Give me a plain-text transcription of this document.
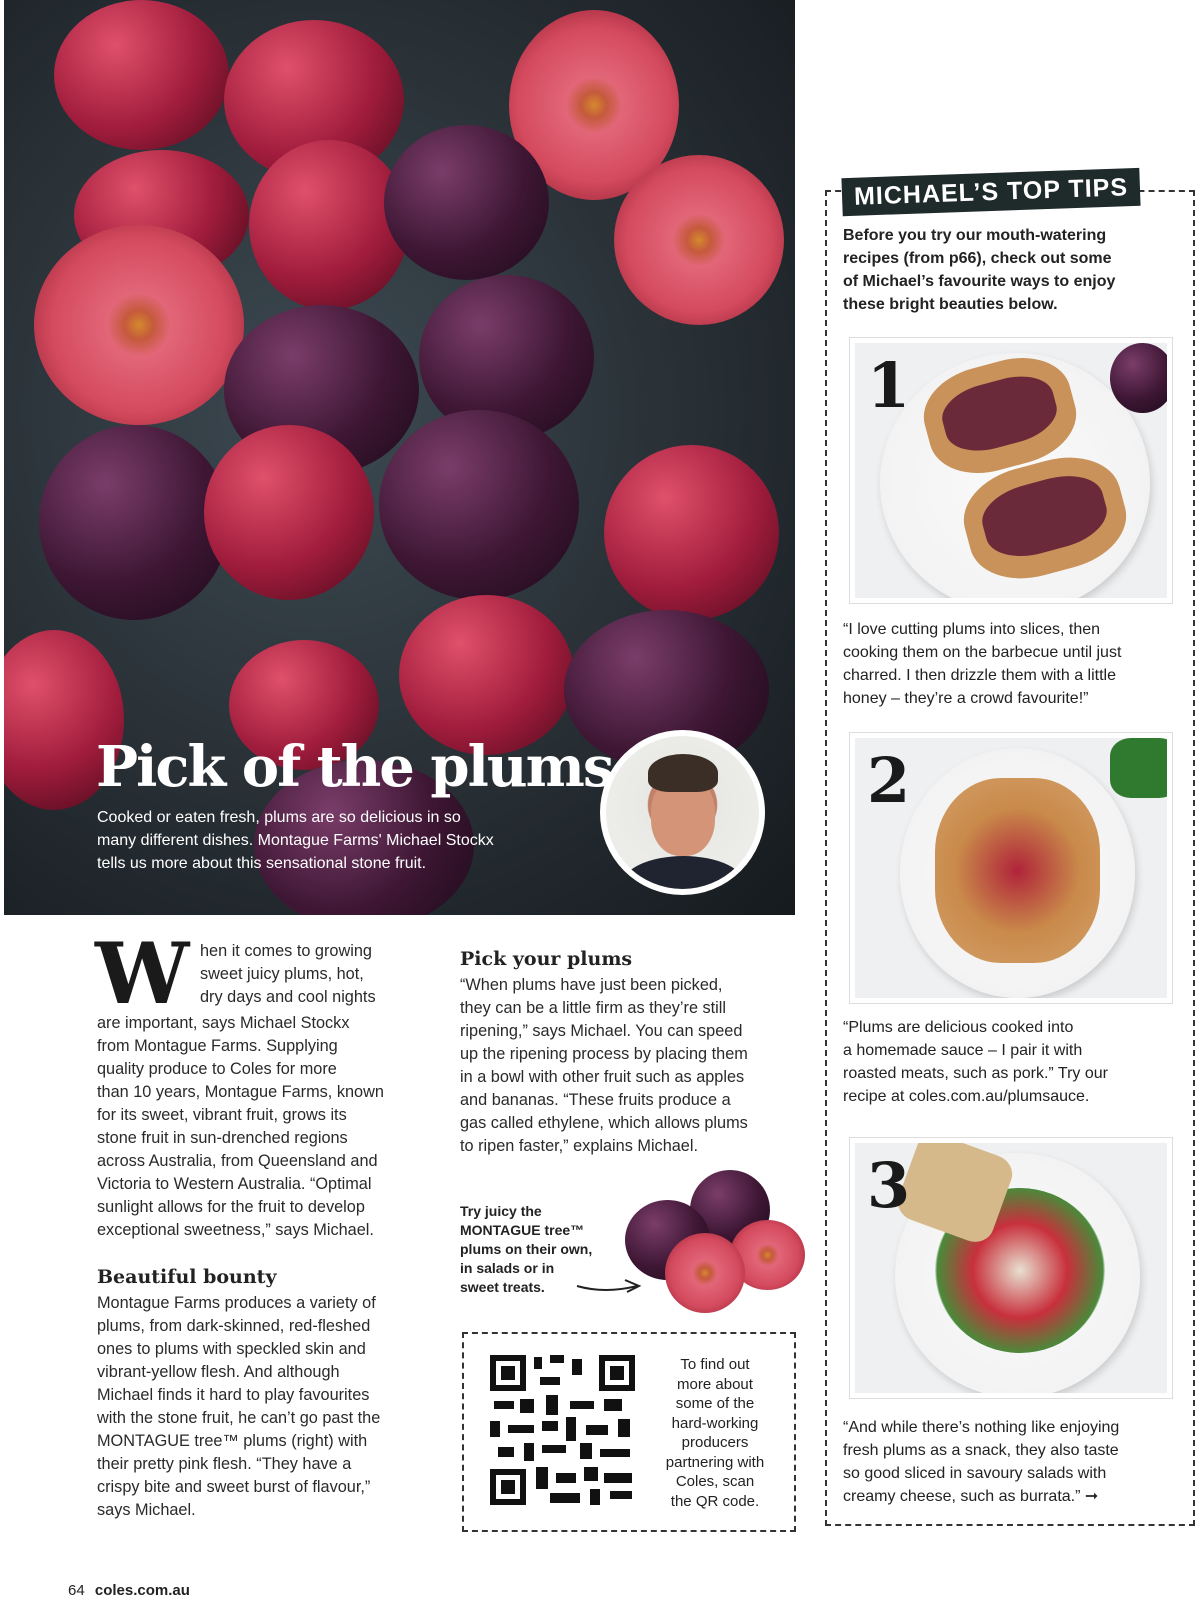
Pick of the plums
Cooked or eaten fresh, plums are so delicious in so
many different dishes. Montague Farms' Michael Stockx
tells us more about this sensational stone fruit.
W hen it comes to growing
sweet juicy plums, hot,
dry days and cool nights
are important, says Michael Stockx
from Montague Farms. Supplying
quality produce to Coles for more
than 10 years, Montague Farms, known
for its sweet, vibrant fruit, grows its
stone fruit in sun-drenched regions
across Australia, from Queensland and
Victoria to Western Australia. “Optimal
sunlight allows for the fruit to develop
exceptional sweetness,” says Michael.
Beautiful bounty
Montague Farms produces a variety of
plums, from dark-skinned, red-fleshed
ones to plums with speckled skin and
vibrant-yellow flesh. And although
Michael finds it hard to play favourites
with the stone fruit, he can’t go past the
MONTAGUE tree™ plums (right) with
their pretty pink flesh. “They have a
crispy bite and sweet burst of flavour,”
says Michael.
Pick your plums
“When plums have just been picked,
they can be a little firm as they’re still
ripening,” says Michael. You can speed
up the ripening process by placing them
in a bowl with other fruit such as apples
and bananas. “These fruits produce a
gas called ethylene, which allows plums
to ripen faster,” explains Michael.
Try juicy the
MONTAGUE tree™
plums on their own,
in salads or in
sweet treats.
To find out
more about
some of the
hard-working
producers
partnering with
Coles, scan
the QR code.
MICHAEL’S TOP TIPS
Before you try our mouth-watering
recipes (from p66), check out some
of Michael’s favourite ways to enjoy
these bright beauties below.
1
“I love cutting plums into slices, then
cooking them on the barbecue until just
charred. I then drizzle them with a little
honey – they’re a crowd favourite!”
2
“Plums are delicious cooked into
a homemade sauce – I pair it with
roasted meats, such as pork.” Try our
recipe at coles.com.au/plumsauce.
3
“And while there’s nothing like enjoying
fresh plums as a snack, they also taste
so good sliced in savoury salads with
creamy cheese, such as burrata.” ➞
64 coles.com.au
